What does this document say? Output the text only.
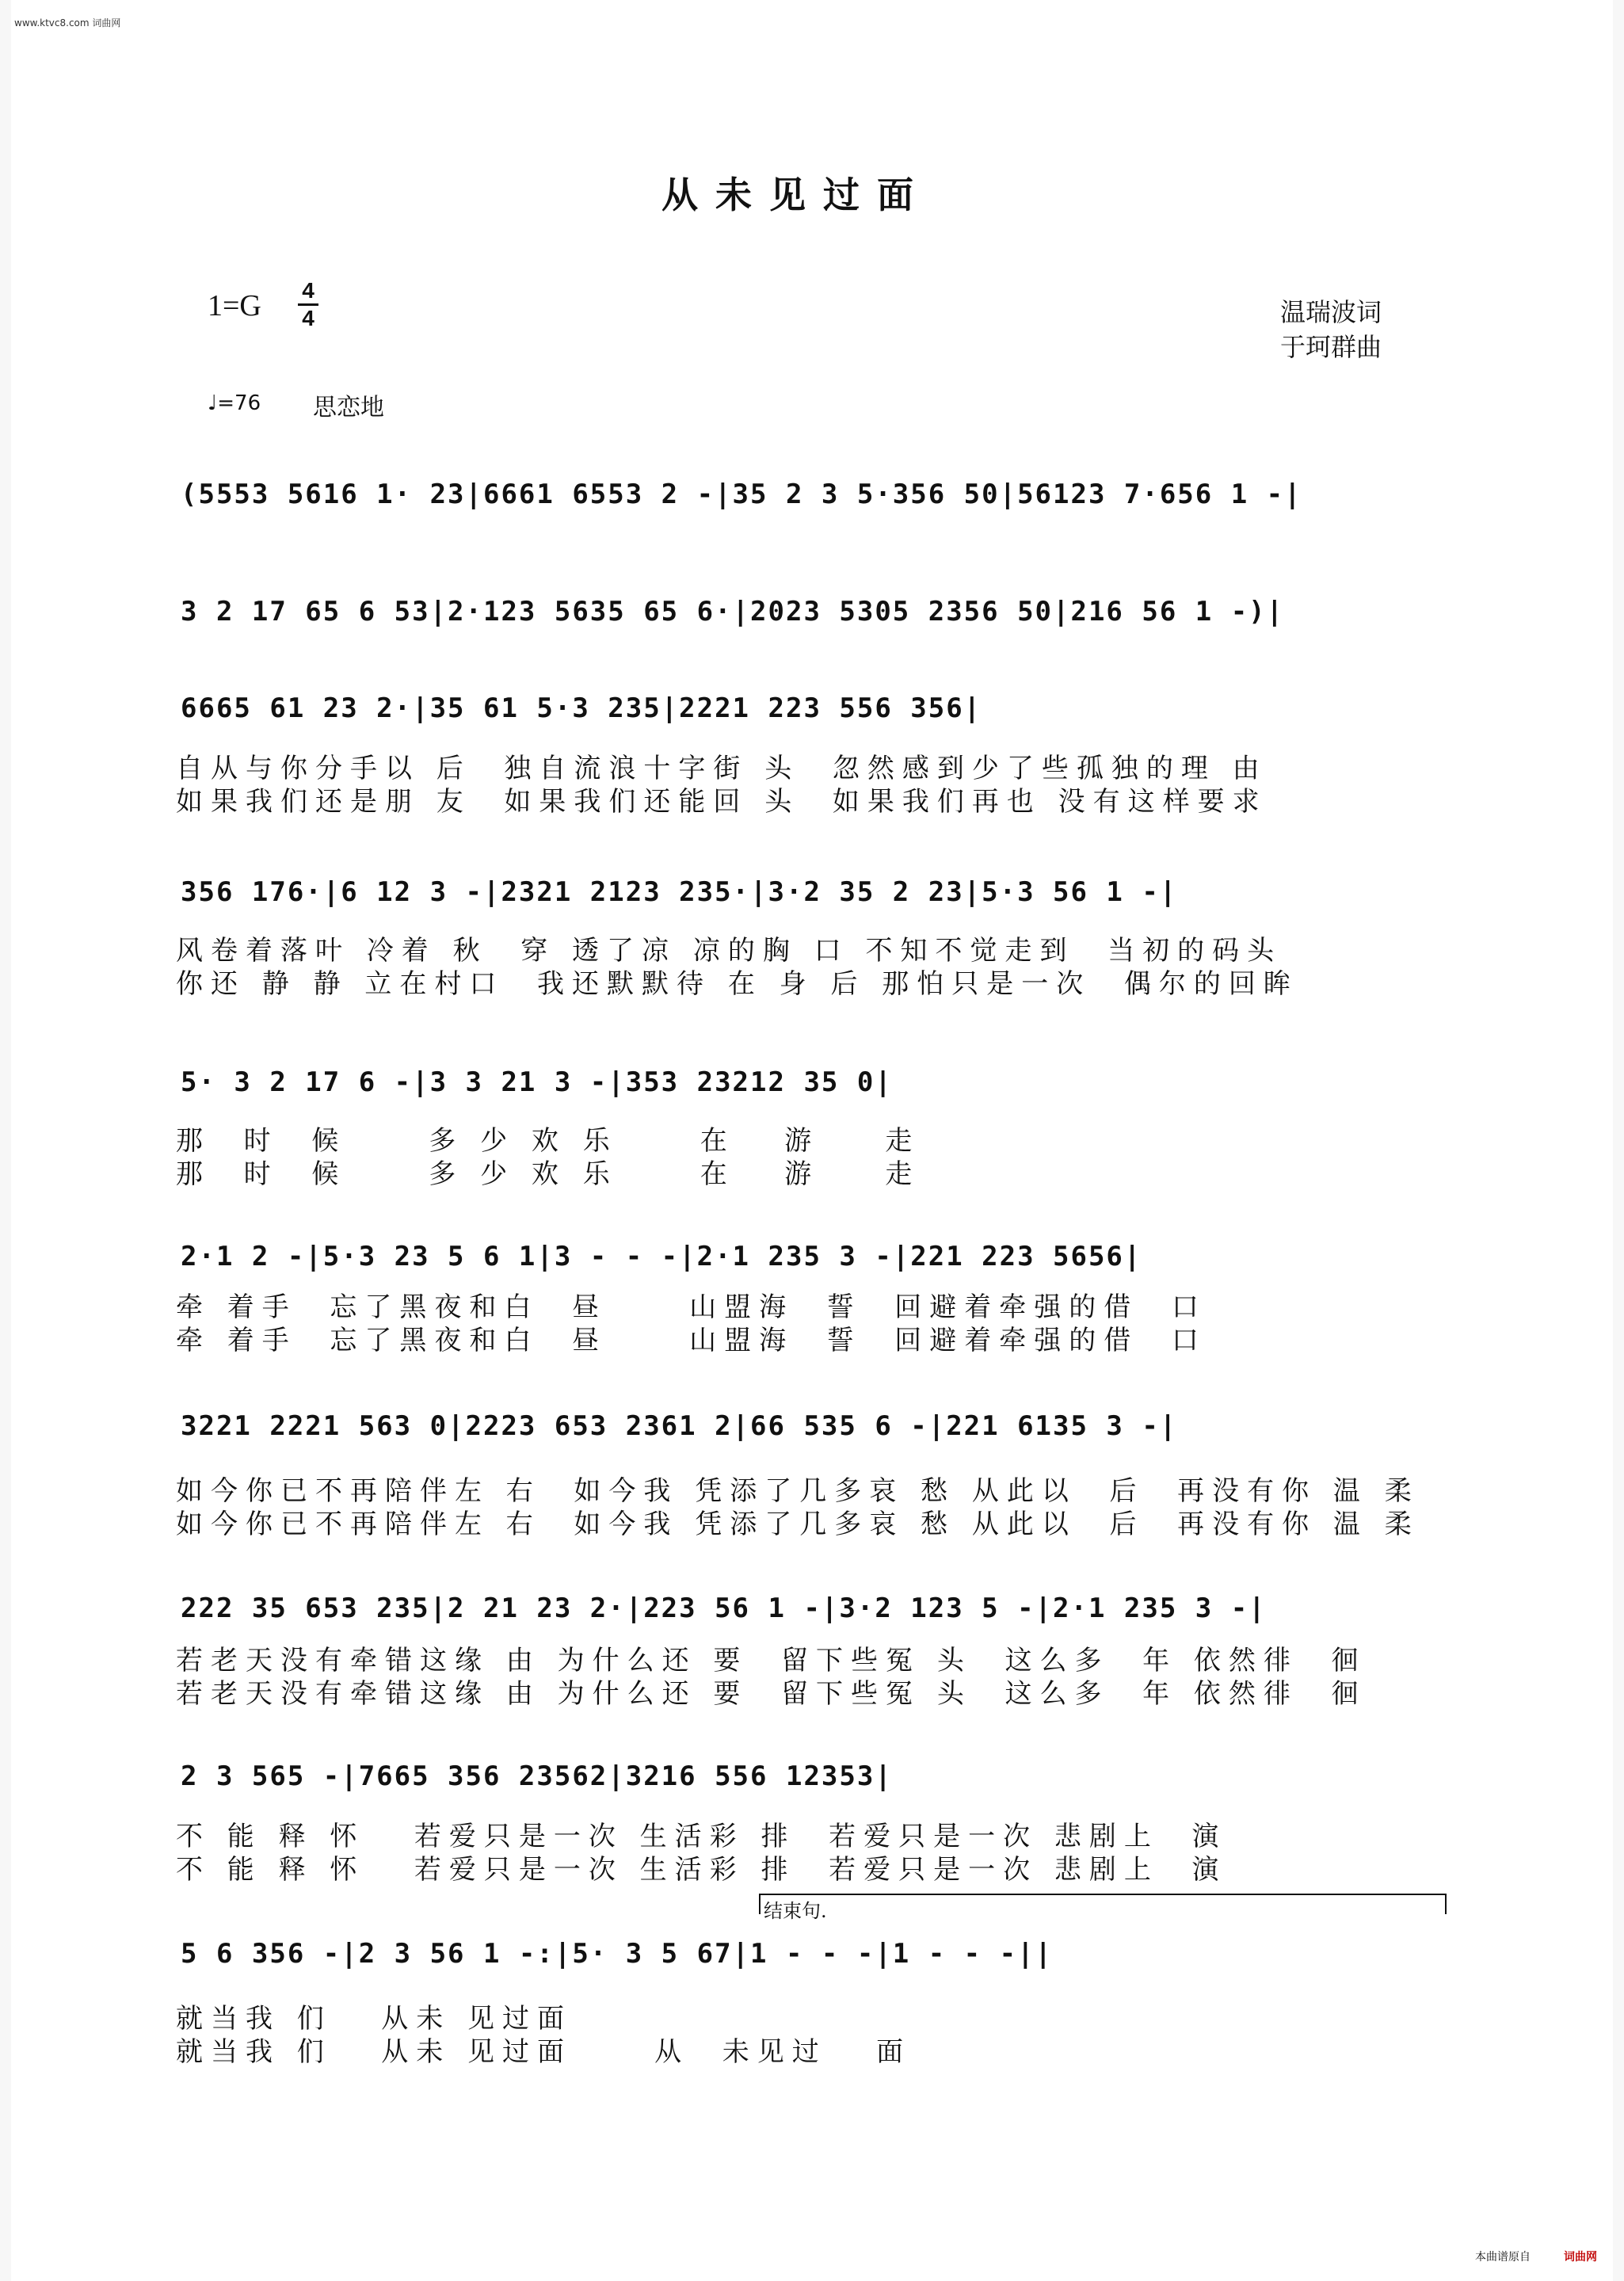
www.ktvc8.com 词曲网
从未见过面
1=G 4
4	温瑞波词
于珂群曲
♩=76 思恋地
(5553 5616 1· 23|6661 6553 2 -|35 2 3 5·356 50|56123 7·656 1 -|
3 2 17 65 6 53|2·123 5635 65 6·|2023 5305 2356 50|216 56 1 -)|
6665 61 23 2·|35 61 5·3 235|2221 223 556 356|
自从与你分手以 后  独自流浪十字街 头  忽然感到少了些孤独的理 由
如果我们还是朋 友  如果我们还能回 头  如果我们再也 没有这样要求
356 176·|6 12 3 -|2321 2123 235·|3·2 35 2 23|5·3 56 1 -|
风卷着落叶 冷着 秋  穿 透了凉 凉的胸 口 不知不觉走到  当初的码头
你还 静 静 立在村口  我还默默待 在 身 后 那怕只是一次  偶尔的回眸
5· 3 2 17 6 -|3 3 21 3 -|353 23212 35 0|
那  时  候     多 少 欢 乐     在   游    走
那  时  候     多 少 欢 乐     在   游    走
2·1 2 -|5·3 23 5 6 1|3 - - -|2·1 235 3 -|221 223 5656|
牵 着手  忘了黑夜和白  昼     山盟海  誓  回避着牵强的借  口
牵 着手  忘了黑夜和白  昼     山盟海  誓  回避着牵强的借  口
3221 2221 563 0|2223 653 2361 2|66 535 6 -|221 6135 3 -|
如今你已不再陪伴左 右  如今我 凭添了几多哀 愁 从此以  后  再没有你 温 柔
如今你已不再陪伴左 右  如今我 凭添了几多哀 愁 从此以  后  再没有你 温 柔
222 35 653 235|2 21 23 2·|223 56 1 -|3·2 123 5 -|2·1 235 3 -|
若老天没有牵错这缘 由 为什么还 要  留下些冤 头  这么多  年 依然徘  徊
若老天没有牵错这缘 由 为什么还 要  留下些冤 头  这么多  年 依然徘  徊
2 3 565 -|7665 356 23562|3216 556 12353|
不 能 释 怀   若爱只是一次 生活彩 排  若爱只是一次 悲剧上  演
不 能 释 怀   若爱只是一次 生活彩 排  若爱只是一次 悲剧上  演
结束句.
5 6 356 -|2 3 56 1 -:|5· 3 5 67|1 - - -|1 - - -||
就当我 们   从未 见过面
就当我 们   从未 见过面     从  未见过   面
本曲谱原自	词曲网
